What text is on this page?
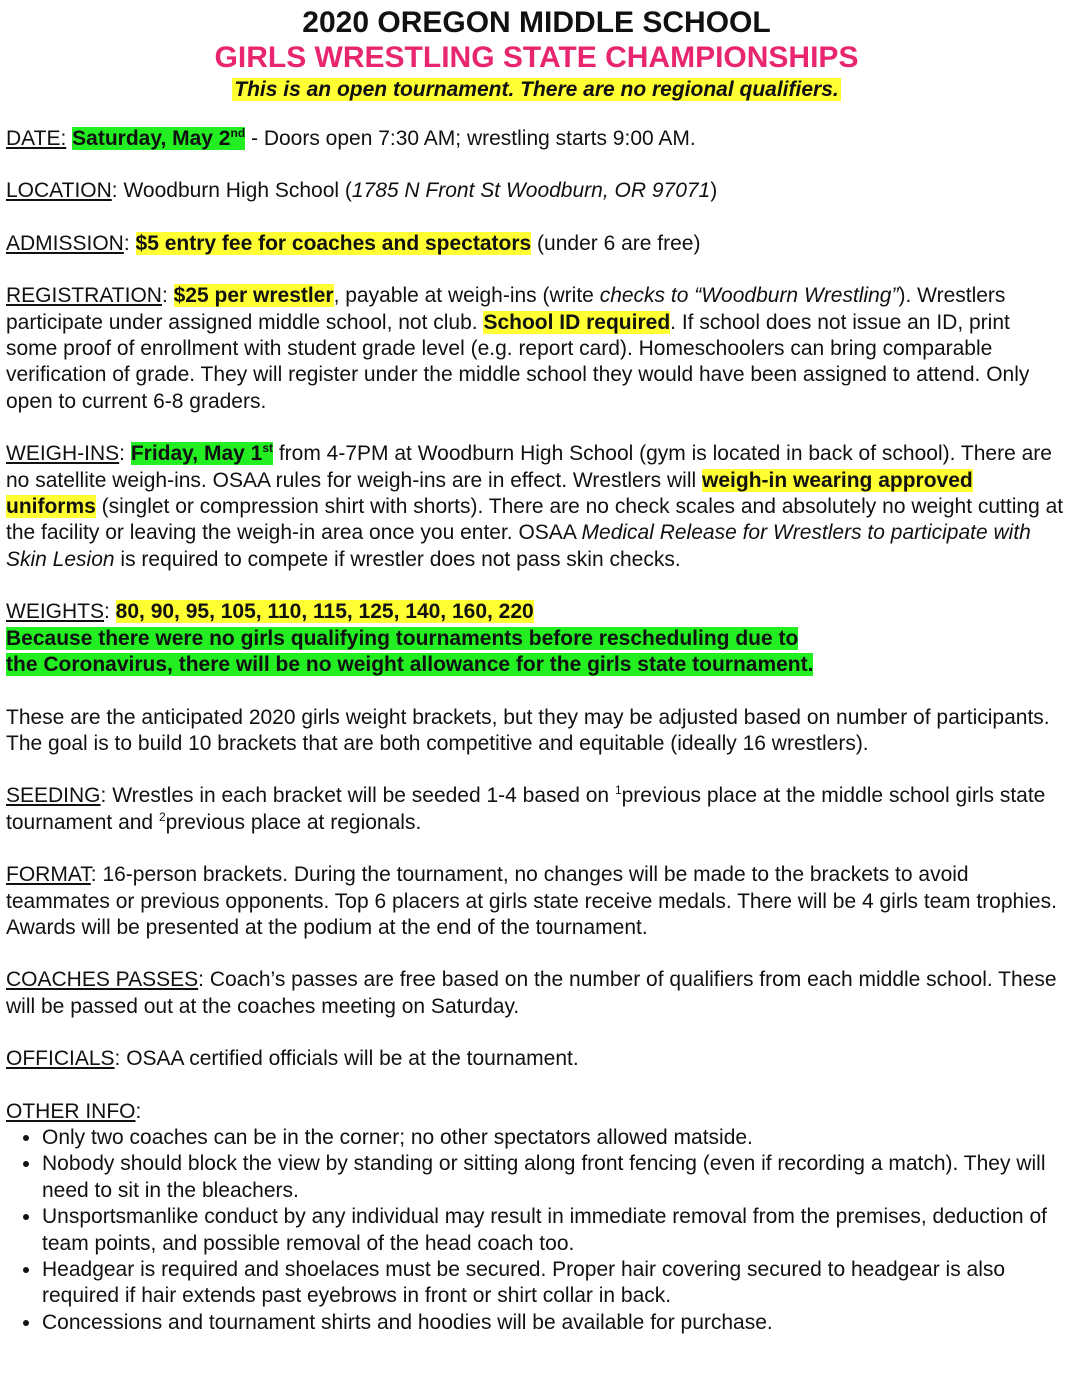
2020 OREGON MIDDLE SCHOOL
GIRLS WRESTLING STATE CHAMPIONSHIPS
This is an open tournament. There are no regional qualifiers.

DATE: Saturday, May 2nd - Doors open 7:30 AM; wrestling starts 9:00 AM.

LOCATION: Woodburn High School (1785 N Front St Woodburn, OR 97071)

ADMISSION: $5 entry fee for coaches and spectators (under 6 are free)

REGISTRATION: $25 per wrestler, payable at weigh-ins (write checks to “Woodburn Wrestling”). Wrestlers participate under assigned middle school, not club. School ID required. If school does not issue an ID, print some proof of enrollment with student grade level (e.g. report card). Homeschoolers can bring comparable verification of grade. They will register under the middle school they would have been assigned to attend. Only open to current 6-8 graders.

WEIGH-INS: Friday, May 1st from 4-7PM at Woodburn High School (gym is located in back of school). There are no satellite weigh-ins. OSAA rules for weigh-ins are in effect. Wrestlers will weigh-in wearing approved uniforms (singlet or compression shirt with shorts). There are no check scales and absolutely no weight cutting at the facility or leaving the weigh-in area once you enter. OSAA Medical Release for Wrestlers to participate with Skin Lesion is required to compete if wrestler does not pass skin checks.

WEIGHTS: 80, 90, 95, 105, 110, 115, 125, 140, 160, 220
Because there were no girls qualifying tournaments before rescheduling due to
the Coronavirus, there will be no weight allowance for the girls state tournament.

These are the anticipated 2020 girls weight brackets, but they may be adjusted based on number of participants. The goal is to build 10 brackets that are both competitive and equitable (ideally 16 wrestlers).

SEEDING: Wrestles in each bracket will be seeded 1-4 based on $^1$previous place at the middle school girls state tournament and $^2$previous place at regionals.

FORMAT: 16-person brackets. During the tournament, no changes will be made to the brackets to avoid teammates or previous opponents. Top 6 placers at girls state receive medals. There will be 4 girls team trophies. Awards will be presented at the podium at the end of the tournament.

COACHES PASSES: Coach’s passes are free based on the number of qualifiers from each middle school. These will be passed out at the coaches meeting on Saturday.

OFFICIALS: OSAA certified officials will be at the tournament.

OTHER INFO:

• Only two coaches can be in the corner; no other spectators allowed matside.
• Nobody should block the view by standing or sitting along front fencing (even if recording a match). They will need to sit in the bleachers.
• Unsportsmanlike conduct by any individual may result in immediate removal from the premises, deduction of team points, and possible removal of the head coach too.
• Headgear is required and shoelaces must be secured. Proper hair covering secured to headgear is also required if hair extends past eyebrows in front or shirt collar in back.
• Concessions and tournament shirts and hoodies will be available for purchase.
